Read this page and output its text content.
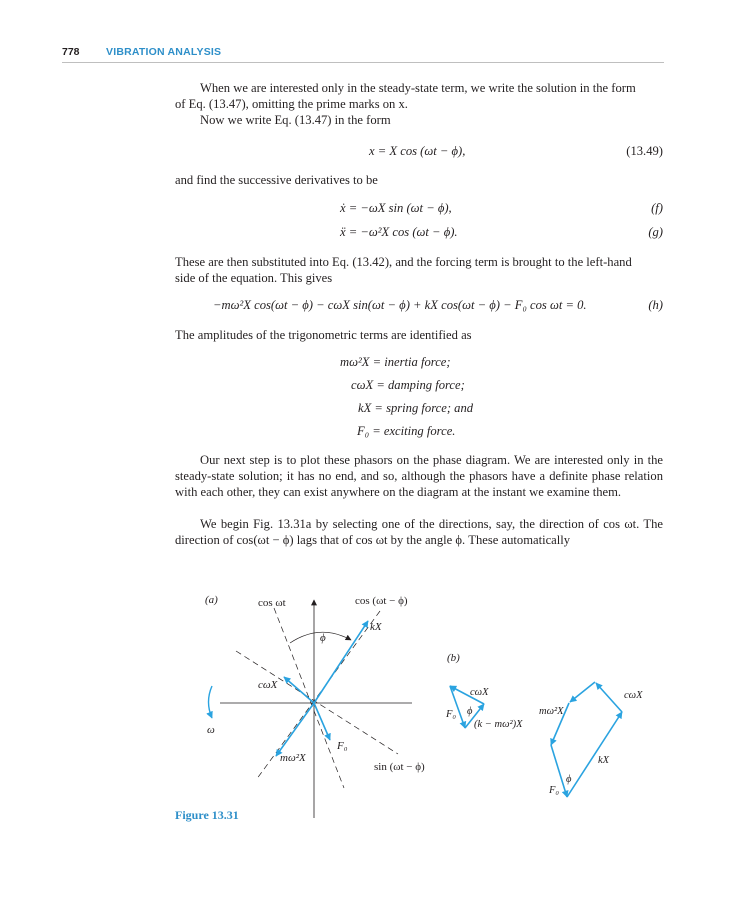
778	VIBRATION ANALYSIS
When we are interested only in the steady-state term, we write the solution in the form
of Eq. (13.47), omitting the prime marks on x.
Now we write Eq. (13.47) in the form
x = X cos (ωt − ϕ),	(13.49)
and find the successive derivatives to be
ẋ = −ωX sin (ωt − ϕ),	(f)
ẍ = −ω²X cos (ωt − ϕ).	(g)
These are then substituted into Eq. (13.42), and the forcing term is brought to the left-hand
side of the equation. This gives
−mω²X cos(ωt − ϕ) − cωX sin(ωt − ϕ) + kX cos(ωt − ϕ) − F₀ cos ωt = 0.	(h)
The amplitudes of the trigonometric terms are identified as
mω²X = inertia force;
cωX = damping force;
kX = spring force; and
F₀ = exciting force.
Our next step is to plot these phasors on the phase diagram. We are interested only in the steady-state solution; it has no end, and so, although the phasors have a definite phase relation with each other, they can exist anywhere on the diagram at the instant we examine them.
We begin Fig. 13.31a by selecting one of the directions, say, the direction of cos ωt. The direction of cos(ωt − ϕ) lags that of cos ωt by the angle ϕ. These automatically
(a)	cos ωt	cos (ωt − ϕ)
ϕ
kX
cωX
mω²X
F₀
sin (ωt − ϕ)
ω
(b)
cωX
F₀ ϕ
(k − mω²)X
mω²X
cωX
kX
F₀
ϕ
Figure 13.31
